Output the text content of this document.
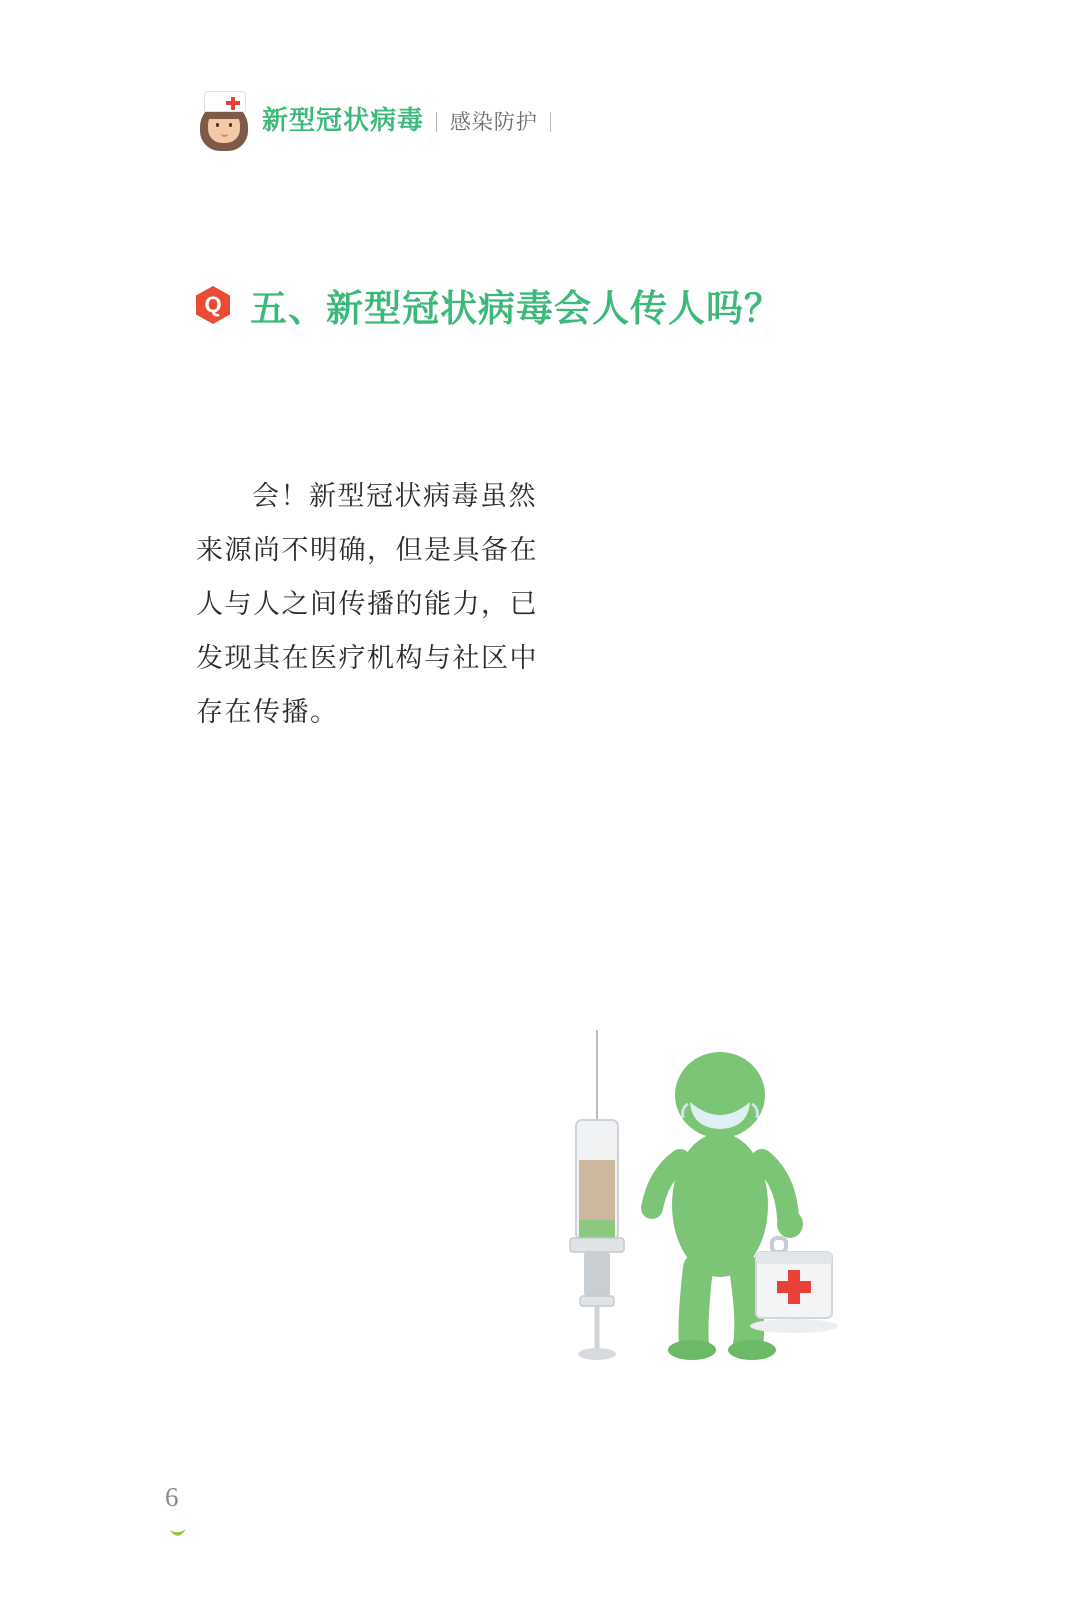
新型冠状病毒 感染防护
Q 五、新型冠状病毒会人传人吗？
会！新型冠状病毒虽然来源尚不明确，但是具备在人与人之间传播的能力，已发现其在医疗机构与社区中存在传播。
6
